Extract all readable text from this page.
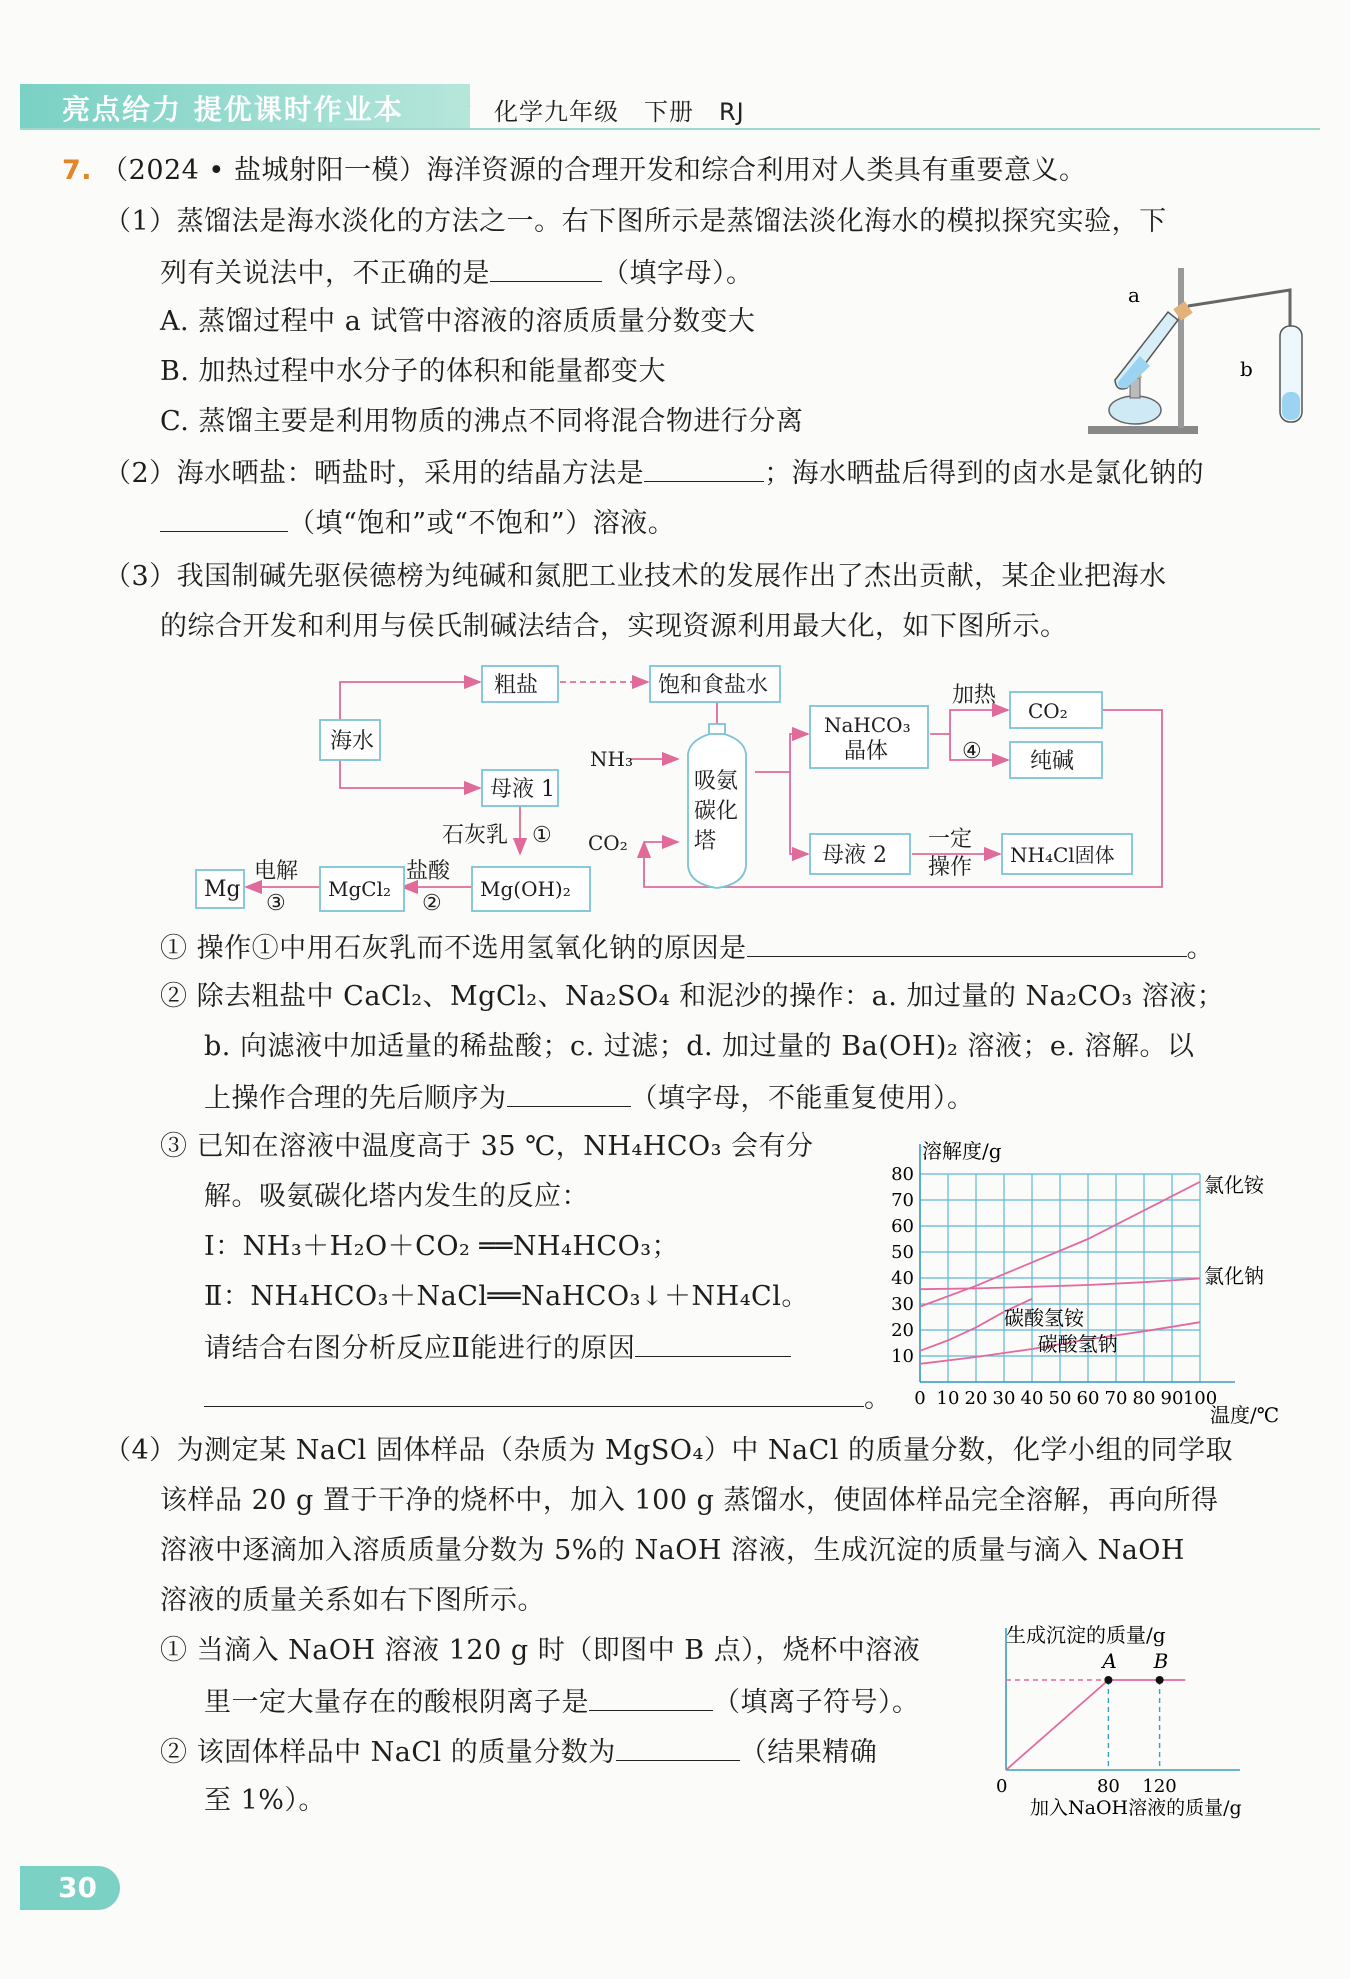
亮点给力 提优课时作业本	化学九年级　下册　RJ
7. （2024 • 盐城射阳一模）海洋资源的合理开发和综合利用对人类具有重要意义。
（1）蒸馏法是海水淡化的方法之一。右下图所示是蒸馏法淡化海水的模拟探究实验，下
列有关说法中，不正确的是	（填字母）。
A. 蒸馏过程中 a 试管中溶液的溶质质量分数变大
B. 加热过程中水分子的体积和能量都变大
C. 蒸馏主要是利用物质的沸点不同将混合物进行分离
a
b
（2）海水晒盐：晒盐时，采用的结晶方法是	；海水晒盐后得到的卤水是氯化钠的
（填“饱和”或“不饱和”）溶液。
（3）我国制碱先驱侯德榜为纯碱和氮肥工业技术的发展作出了杰出贡献，某企业把海水
的综合开发和利用与侯氏制碱法结合，实现资源利用最大化，如下图所示。
海水
粗盐	饱和食盐水
母液 1
NH₃
CO₂
吸氨
碳化
塔
NaHCO₃
晶体
加热
④
CO₂
纯碱
母液 2
一定
操作 NH₄Cl固体
石灰乳 ①
Mg(OH)₂
盐酸
②
MgCl₂
电解
③
Mg
① 操作①中用石灰乳而不选用氢氧化钠的原因是	。
② 除去粗盐中 CaCl₂、MgCl₂、Na₂SO₄ 和泥沙的操作：a. 加过量的 Na₂CO₃ 溶液；
b. 向滤液中加适量的稀盐酸；c. 过滤；d. 加过量的 Ba(OH)₂ 溶液；e. 溶解。以
上操作合理的先后顺序为	（填字母，不能重复使用）。
③ 已知在溶液中温度高于 35 ℃，NH₄HCO₃ 会有分
解。吸氨碳化塔内发生的反应：
Ⅰ：NH₃＋H₂O＋CO₂ ══NH₄HCO₃；
Ⅱ：NH₄HCO₃＋NaCl══NaHCO₃↓＋NH₄Cl。
请结合右图分析反应Ⅱ能进行的原因
。 0 10 20 30 40 50 60 70 80 90 100
10
20
30
40
50
60
70
80
溶解度/g
温度/℃
氯化铵
氯化钠
碳酸氢铵
碳酸氢钠
（4）为测定某 NaCl 固体样品（杂质为 MgSO₄）中 NaCl 的质量分数，化学小组的同学取
该样品 20 g 置于干净的烧杯中，加入 100 g 蒸馏水，使固体样品完全溶解，再向所得
溶液中逐滴加入溶质质量分数为 5%的 NaOH 溶液，生成沉淀的质量与滴入 NaOH
溶液的质量关系如右下图所示。
① 当滴入 NaOH 溶液 120 g 时（即图中 B 点），烧杯中溶液
里一定大量存在的酸根阴离子是	（填离子符号）。
② 该固体样品中 NaCl 的质量分数为	（结果精确
至 1%）。
生成沉淀的质量/g
加入NaOH溶液的质量/g
A B
0	80 120
30
